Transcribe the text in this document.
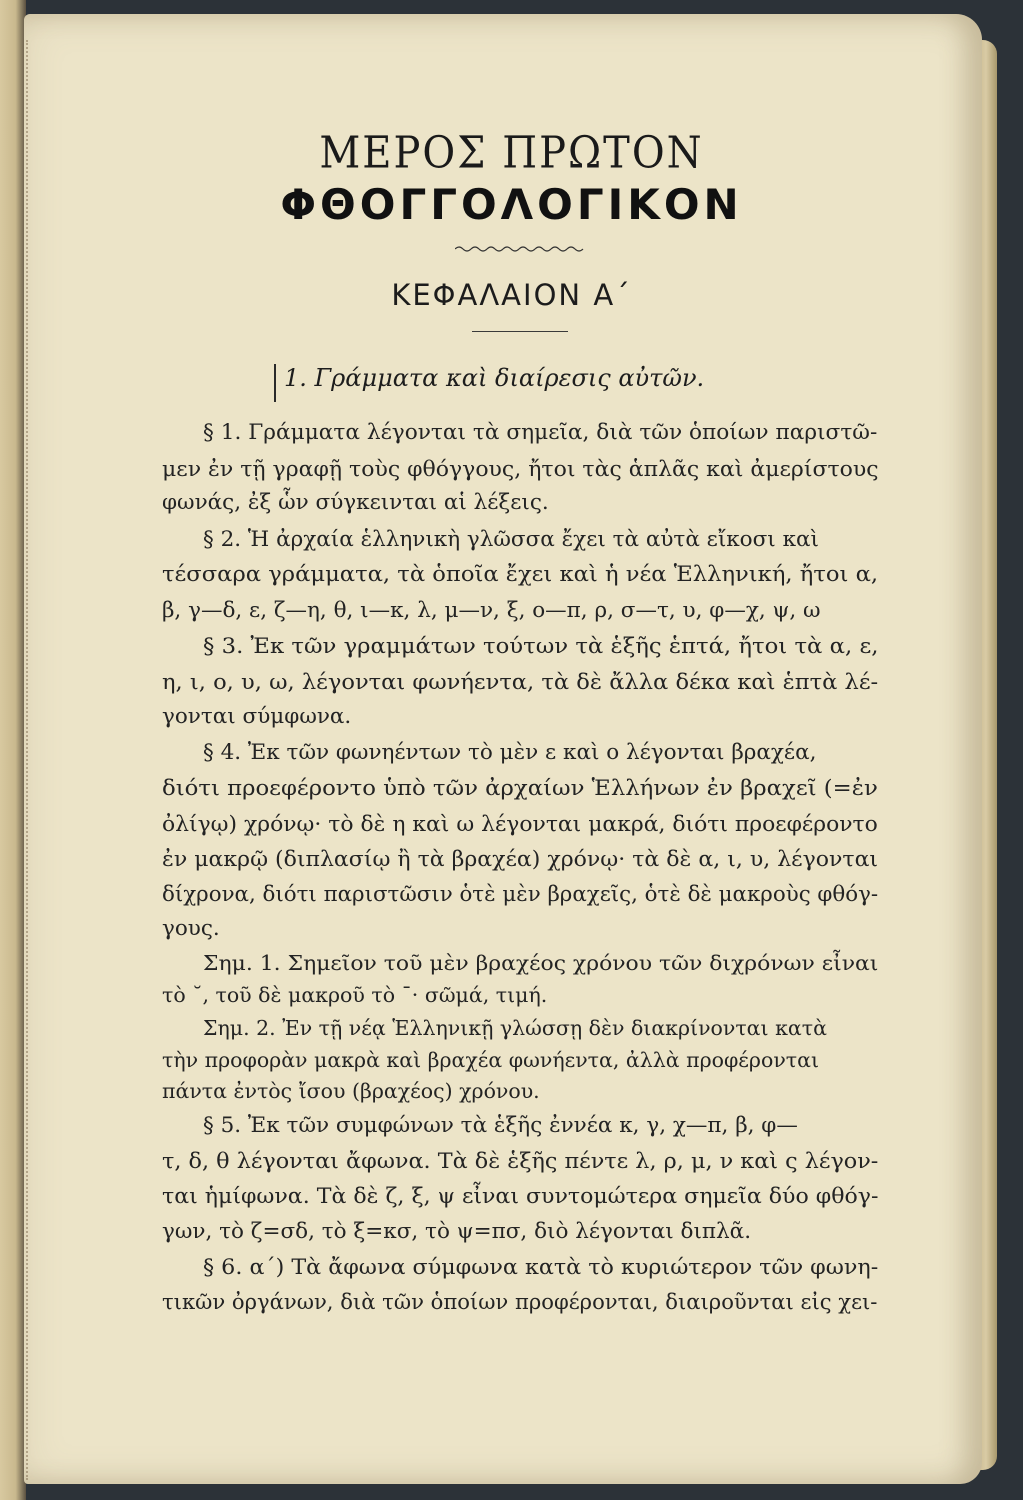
ΜΕΡΟΣ ΠΡΩΤΟΝ
ΦΘΟΓΓΟΛΟΓΙΚΟΝ
ΚΕΦΑΛΑΙΟΝ Α΄
1. Γράμματα καὶ διαίρεσις αὐτῶν.
§ 1. Γράμματα λέγονται τὰ σημεῖα, διὰ τῶν ὁποίων παριστῶ-
μεν ἐν τῇ γραφῇ τοὺς φθόγγους, ἤτοι τὰς ἁπλᾶς καὶ ἀμερίστους
φωνάς, ἐξ ὧν σύγκεινται αἱ λέξεις.
§ 2. Ἡ ἀρχαία ἑλληνικὴ γλῶσσα ἔχει τὰ αὐτὰ εἴκοσι καὶ
τέσσαρα γράμματα, τὰ ὁποῖα ἔχει καὶ ἡ νέα Ἑλληνική, ἤτοι α,
β, γ—δ, ε, ζ—η, θ, ι—κ, λ, μ—ν, ξ, ο—π, ρ, σ—τ, υ, φ—χ, ψ, ω
§ 3. Ἐκ τῶν γραμμάτων τούτων τὰ ἑξῆς ἑπτά, ἤτοι τὰ α, ε,
η, ι, ο, υ, ω, λέγονται φωνήεντα, τὰ δὲ ἄλλα δέκα καὶ ἑπτὰ λέ-
γονται σύμφωνα.
§ 4. Ἐκ τῶν φωνηέντων τὸ μὲν ε καὶ ο λέγονται βραχέα,
διότι προεφέροντο ὑπὸ τῶν ἀρχαίων Ἑλλήνων ἐν βραχεῖ (=ἐν
ὀλίγῳ) χρόνῳ· τὸ δὲ η καὶ ω λέγονται μακρά, διότι προεφέροντο
ἐν μακρῷ (διπλασίῳ ἢ τὰ βραχέα) χρόνῳ· τὰ δὲ α, ι, υ, λέγονται
δίχρονα, διότι παριστῶσιν ὁτὲ μὲν βραχεῖς, ὁτὲ δὲ μακροὺς φθόγ-
γους.
Σημ. 1. Σημεῖον τοῦ μὲν βραχέος χρόνου τῶν διχρόνων εἶναι
τὸ ˘, τοῦ δὲ μακροῦ τὸ ¯· σῶμά, τιμή.
Σημ. 2. Ἐν τῇ νέᾳ Ἑλληνικῇ γλώσσῃ δὲν διακρίνονται κατὰ
τὴν προφορὰν μακρὰ καὶ βραχέα φωνήεντα, ἀλλὰ προφέρονται
πάντα ἐντὸς ἴσου (βραχέος) χρόνου.
§ 5. Ἐκ τῶν συμφώνων τὰ ἑξῆς ἐννέα κ, γ, χ—π, β, φ—
τ, δ, θ λέγονται ἄφωνα. Τὰ δὲ ἑξῆς πέντε λ, ρ, μ, ν καὶ ς λέγον-
ται ἡμίφωνα. Τὰ δὲ ζ, ξ, ψ εἶναι συντομώτερα σημεῖα δύο φθόγ-
γων, τὸ ζ=σδ, τὸ ξ=κσ, τὸ ψ=πσ, διὸ λέγονται διπλᾶ.
§ 6. α΄) Τὰ ἄφωνα σύμφωνα κατὰ τὸ κυριώτερον τῶν φωνη-
τικῶν ὀργάνων, διὰ τῶν ὁποίων προφέρονται, διαιροῦνται εἰς χει-
